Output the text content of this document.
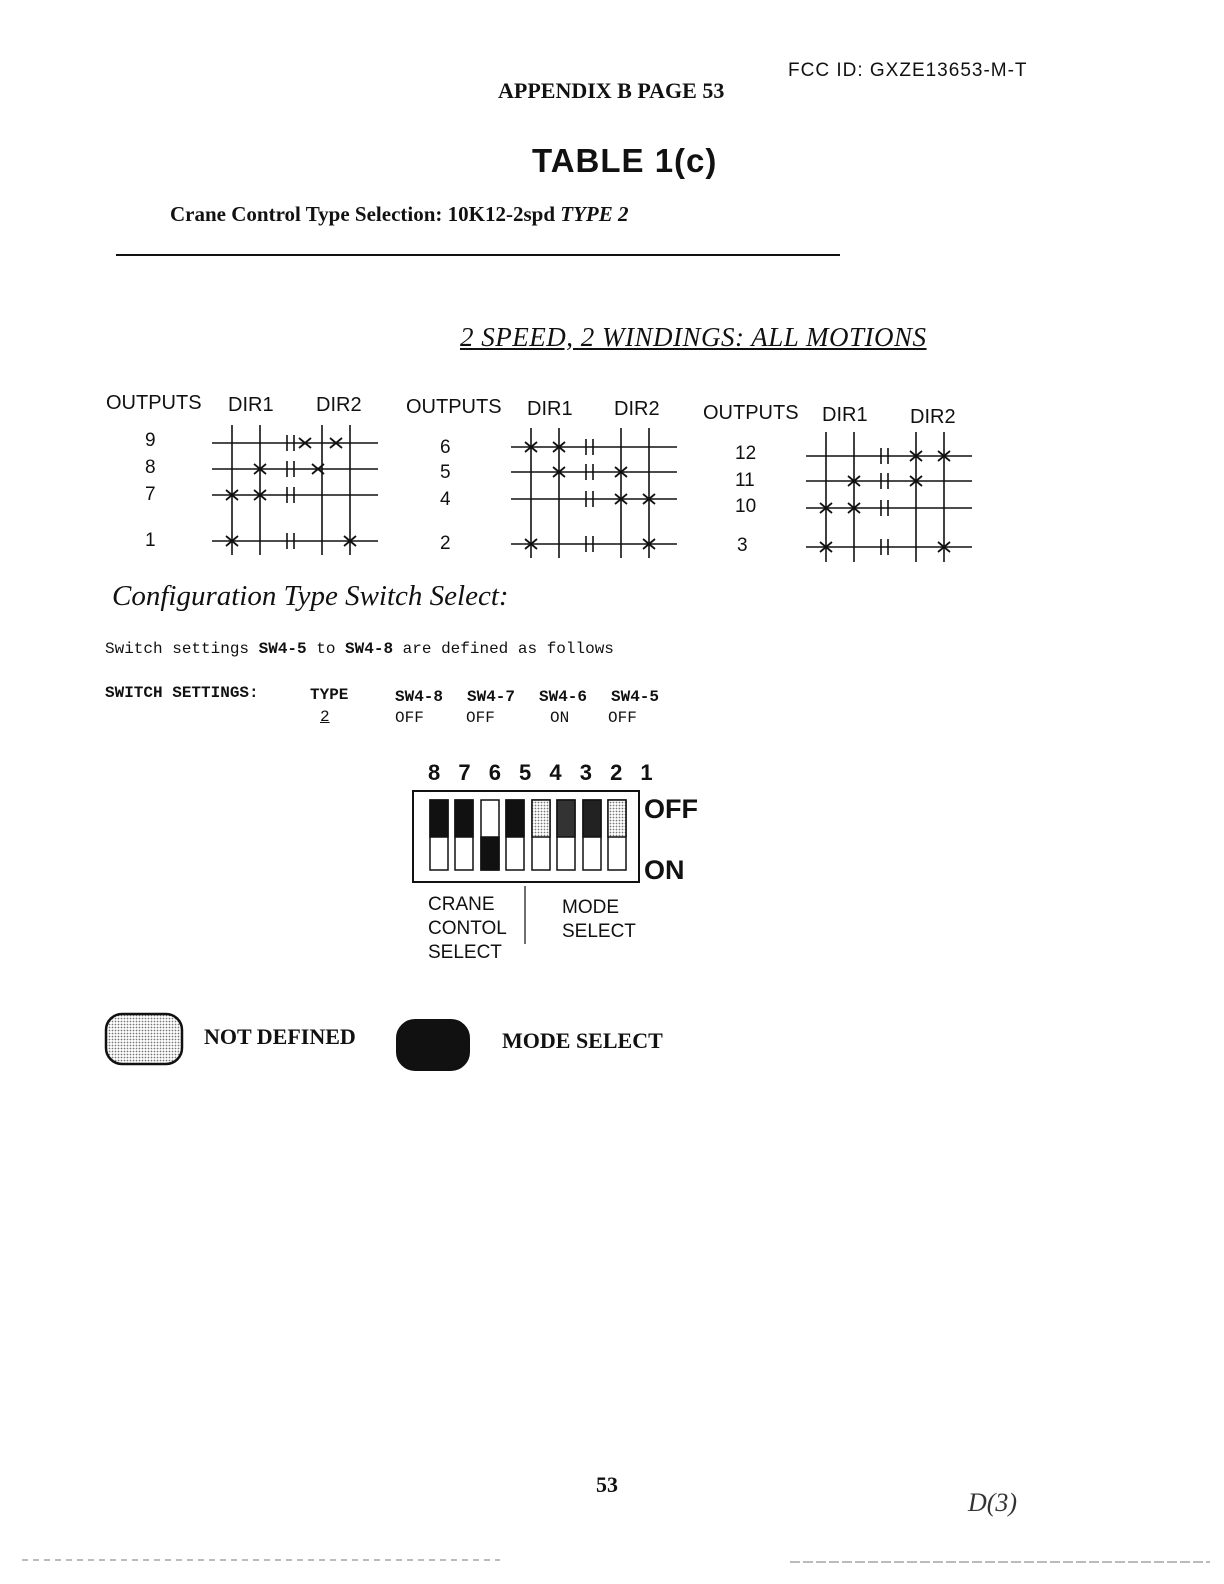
FCC ID: GXZE13653-M-T
APPENDIX B PAGE 53
TABLE 1(c)
Crane Control Type Selection: 10K12-2spd TYPE 2
2 SPEED, 2 WINDINGS: ALL MOTIONS
OUTPUTS DIR1 DIR2
9
8
7
1
OUTPUTS DIR1 DIR2
6
5
4
2
OUTPUTS DIR1 DIR2
12
11
10
3
Configuration Type Switch Select:
Switch settings SW4-5 to SW4-8 are defined as follows
SWITCH SETTINGS:	TYPE
2
SW4-8 SW4-7 SW4-6 SW4-5
OFF	OFF	ON OFF
8 7 6 5 4 3 2 1
OFF
ON
CRANE
CONTOL
SELECT
MODE
SELECT
NOT DEFINED	MODE SELECT
53
D(3)
